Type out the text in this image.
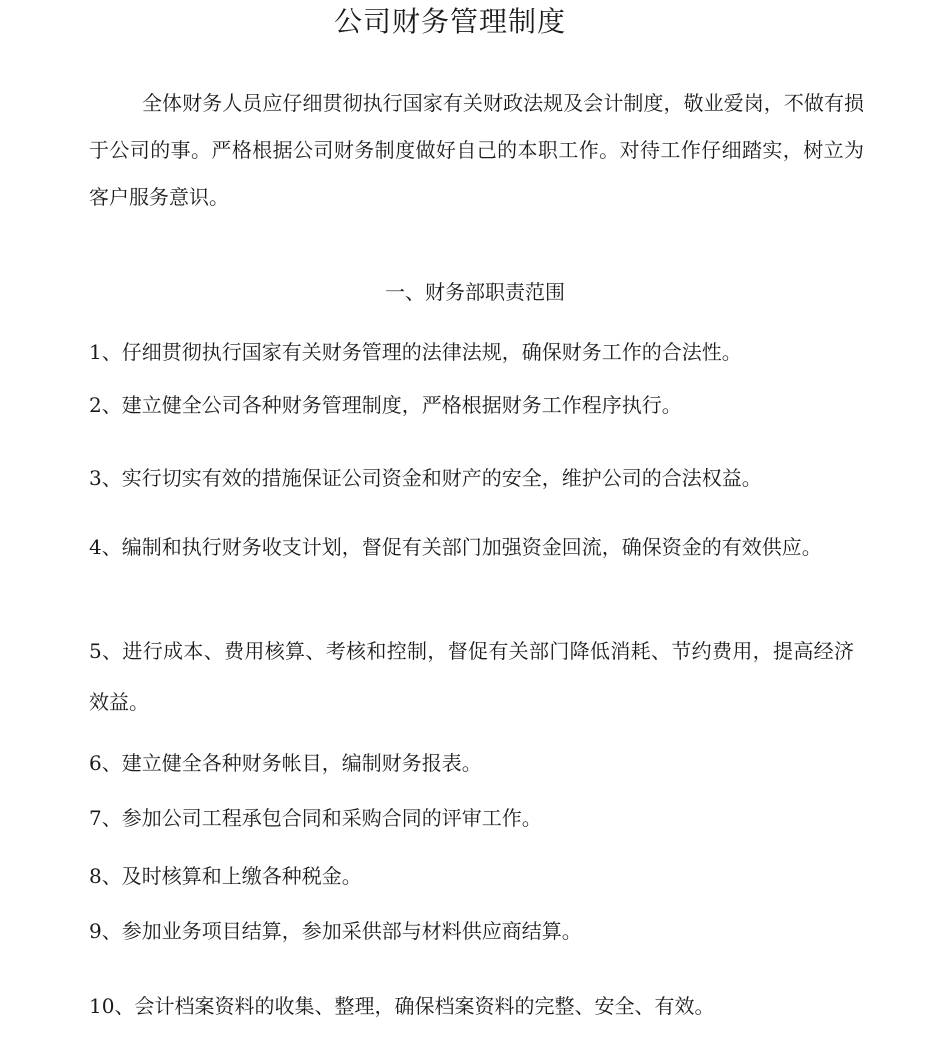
公司财务管理制度

全体财务人员应仔细贯彻执行国家有关财政法规及会计制度，敬业爱岗，不做有损于公司的事。严格根据公司财务制度做好自己的本职工作。对待工作仔细踏实，树立为客户服务意识。

一、财务部职责范围

1、仔细贯彻执行国家有关财务管理的法律法规，确保财务工作的合法性。

2、建立健全公司各种财务管理制度，严格根据财务工作程序执行。

3、实行切实有效的措施保证公司资金和财产的安全，维护公司的合法权益。

4、编制和执行财务收支计划，督促有关部门加强资金回流，确保资金的有效供应。

5、进行成本、费用核算、考核和控制，督促有关部门降低消耗、节约费用，提高经济效益。

6、建立健全各种财务帐目，编制财务报表。

7、参加公司工程承包合同和采购合同的评审工作。

8、及时核算和上缴各种税金。

9、参加业务项目结算，参加采供部与材料供应商结算。

10、会计档案资料的收集、整理，确保档案资料的完整、安全、有效。
